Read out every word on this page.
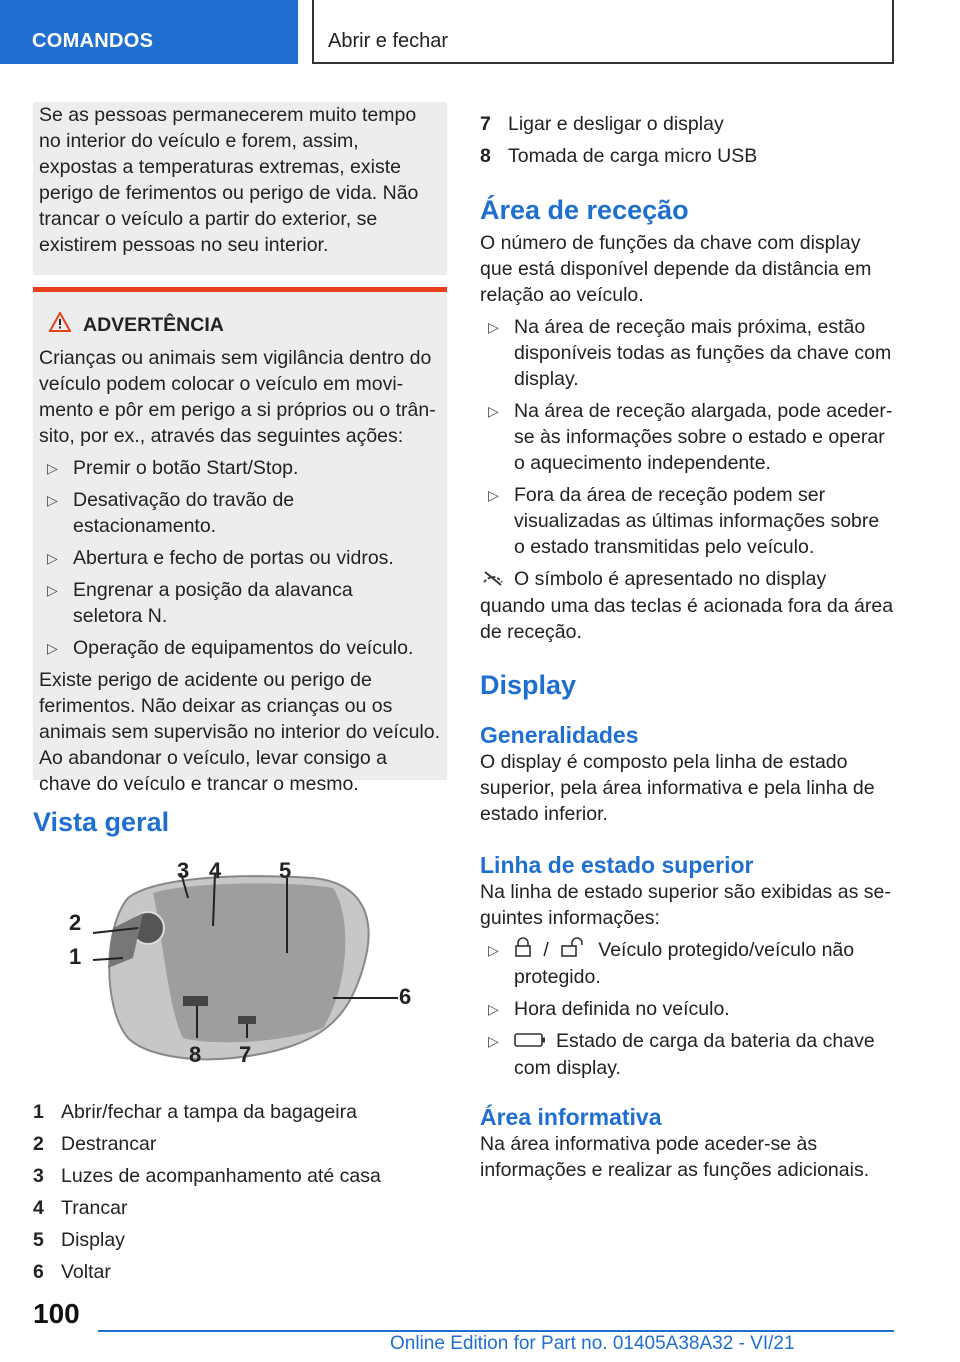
COMANDOS	Abrir e fechar

Se as pessoas permanecerem muito tempo no interior do veículo e forem, assim, expostas a temperaturas extremas, existe perigo de ferimentos ou perigo de vida. Não trancar o veículo a partir do exterior, se existirem pessoas no seu interior.

ADVERTÊNCIA

Crianças ou animais sem vigilância dentro do veículo podem colocar o veículo em movimento e pôr em perigo a si próprios ou o trânsito, por ex., através das seguintes ações:

▷ Premir o botão Start/Stop.
▷ Desativação do travão de estacionamento.
▷ Abertura e fecho de portas ou vidros.
▷ Engrenar a posição da alavanca seletora N.
▷ Operação de equipamentos do veículo.

Existe perigo de acidente ou perigo de ferimentos. Não deixar as crianças ou os animais sem supervisão no interior do veículo. Ao abandonar o veículo, levar consigo a chave do veículo e trancar o mesmo.

Vista geral
3 4	5
2
1
6
8 7
1 Abrir/fechar a tampa da bagageira
2 Destrancar
3 Luzes de acompanhamento até casa
4 Trancar
5 Display
6 Voltar
7 Ligar e desligar o display
8 Tomada de carga micro USB
Área de receção

O número de funções da chave com display que está disponível depende da distância em relação ao veículo.

▷ Na área de receção mais próxima, estão disponíveis todas as funções da chave com display.
▷ Na área de receção alargada, pode aceder-se às informações sobre o estado e operar o aquecimento independente.
▷ Fora da área de receção podem ser visualizadas as últimas informações sobre o estado transmitidas pelo veículo.

O símbolo é apresentado no display quando uma das teclas é acionada fora da área de receção.

Display
Generalidades

O display é composto pela linha de estado superior, pela área informativa e pela linha de estado inferior.

Linha de estado superior

Na linha de estado superior são exibidas as seguintes informações:

▷ /	Veículo protegido/veículo não protegido.
▷ Hora definida no veículo.
▷	Estado de carga da bateria da chave com display.
Área informativa

Na área informativa pode aceder-se às informações e realizar as funções adicionais.

100
Online Edition for Part no. 01405A38A32 - VI/21
